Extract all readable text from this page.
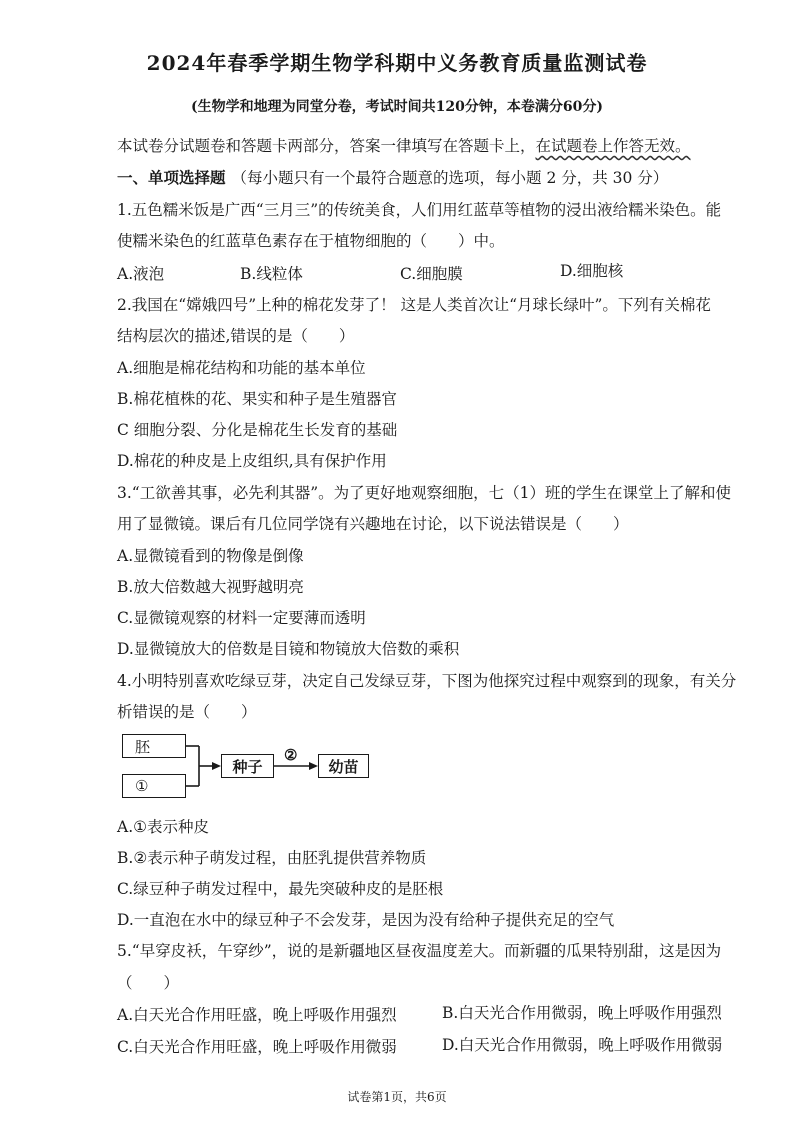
2024年春季学期生物学科期中义务教育质量监测试卷
(生物学和地理为同堂分卷，考试时间共120分钟，本卷满分60分)
本试卷分试题卷和答题卡两部分，答案一律填写在答题卡上，在试题卷上作答无效。
一、单项选择题 （每小题只有一个最符合题意的选项，每小题 2 分，共 30 分）
1.五色糯米饭是广西“三月三”的传统美食，人们用红蓝草等植物的浸出液给糯米染色。能
使糯米染色的红蓝草色素存在于植物细胞的（　　）中。
A.液泡	B.线粒体	C.细胞膜	D.细胞核
2.我国在“嫦娥四号”上种的棉花发芽了！ 这是人类首次让“月球长绿叶”。下列有关棉花
结构层次的描述,错误的是（　　）
A.细胞是棉花结构和功能的基本单位
B.棉花植株的花、果实和种子是生殖器官
C 细胞分裂、分化是棉花生长发育的基础
D.棉花的种皮是上皮组织,具有保护作用
3.“工欲善其事，必先利其器”。为了更好地观察细胞，七（1）班的学生在课堂上了解和使
用了显微镜。课后有几位同学饶有兴趣地在讨论，以下说法错误是（　　）
A.显微镜看到的物像是倒像
B.放大倍数越大视野越明亮
C.显微镜观察的材料一定要薄而透明
D.显微镜放大的倍数是目镜和物镜放大倍数的乘积
4.小明特别喜欢吃绿豆芽，决定自己发绿豆芽，下图为他探究过程中观察到的现象，有关分
析错误的是（　　）
胚
①
种子
②
幼苗
A.①表示种皮
B.②表示种子萌发过程，由胚乳提供营养物质
C.绿豆种子萌发过程中，最先突破种皮的是胚根
D.一直泡在水中的绿豆种子不会发芽，是因为没有给种子提供充足的空气
5.“早穿皮袄，午穿纱”，说的是新疆地区昼夜温度差大。而新疆的瓜果特别甜，这是因为
（　　）
A.白天光合作用旺盛，晚上呼吸作用强烈	B.白天光合作用微弱，晚上呼吸作用强烈
C.白天光合作用旺盛，晚上呼吸作用微弱	D.白天光合作用微弱，晚上呼吸作用微弱
试卷第1页，共6页
